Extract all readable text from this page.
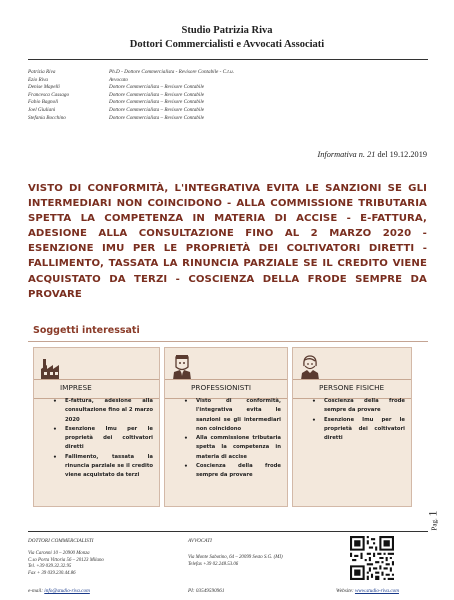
Studio Patrizia Riva
Dottori Commercialisti e Avvocati Associati
Patrizia Riva	Ph.D - Dottore Commercialista - Revisore Contabile - C.t.u.
Ezio Riva	Avvocato
Denise Mapelli	Dottore Commercialista – Revisore Contabile
Francesca Cassago	Dottore Commercialista – Revisore Contabile
Fabio Bagnoli	Dottore Commercialista – Revisore Contabile
Joel Giuliani	Dottore Commercialista – Revisore Contabile
Stefania Bocchino	Dottore Commercialista – Revisore Contabile
Informativa n. 21 del 19.12.2019
VISTO DI CONFORMITÀ, L'INTEGRATIVA EVITA LE SANZIONI SE GLI INTERMEDIARI NON COINCIDONO - ALLA COMMISSIONE TRIBUTARIA SPETTA LA COMPETENZA IN MATERIA DI ACCISE - E-FATTURA, ADESIONE ALLA CONSULTAZIONE FINO AL 2 MARZO 2020 - ESENZIONE IMU PER LE PROPRIETÀ DEI COLTIVATORI DIRETTI - FALLIMENTO, TASSATA LA RINUNCIA PARZIALE SE IL CREDITO VIENE ACQUISTATO DA TERZI - COSCIENZA DELLA FRODE SEMPRE DA PROVARE
Soggetti interessati
IMPRESE
• E-fattura, adesione alla consultazione fino al 2 marzo 2020
• Esenzione Imu per le proprietà dei coltivatori diretti
• Fallimento, tassata la rinuncia parziale se il credito viene acquistato da terzi
PROFESSIONISTI
• Visto di conformità, l'integrativa evita le sanzioni se gli intermediari non coincidono
• Alla commissione tributaria spetta la competenza in materia di accise
• Coscienza della frode sempre da provare
PERSONE FISICHE
• Coscienza della frode sempre da provare
• Esenzione Imu per le proprietà dei coltivatori diretti
Pag. 1
DOTTORI COMMERCIALISTI
Via Caronni 10 – 20900 Monza
C.so Porta Vittoria 56 – 20123 Milano
Tel. +39 039.32.32.95
Fax + 39 039.230.44.86
AVVOCATI
Via Monte Sabotino, 64 – 20099 Sesto S.G. (MI)
Telefax +39 02.248.53.06
e-mail: info@studio-riva.com	PI: 03549590961	Website: www.studio-riva.com
